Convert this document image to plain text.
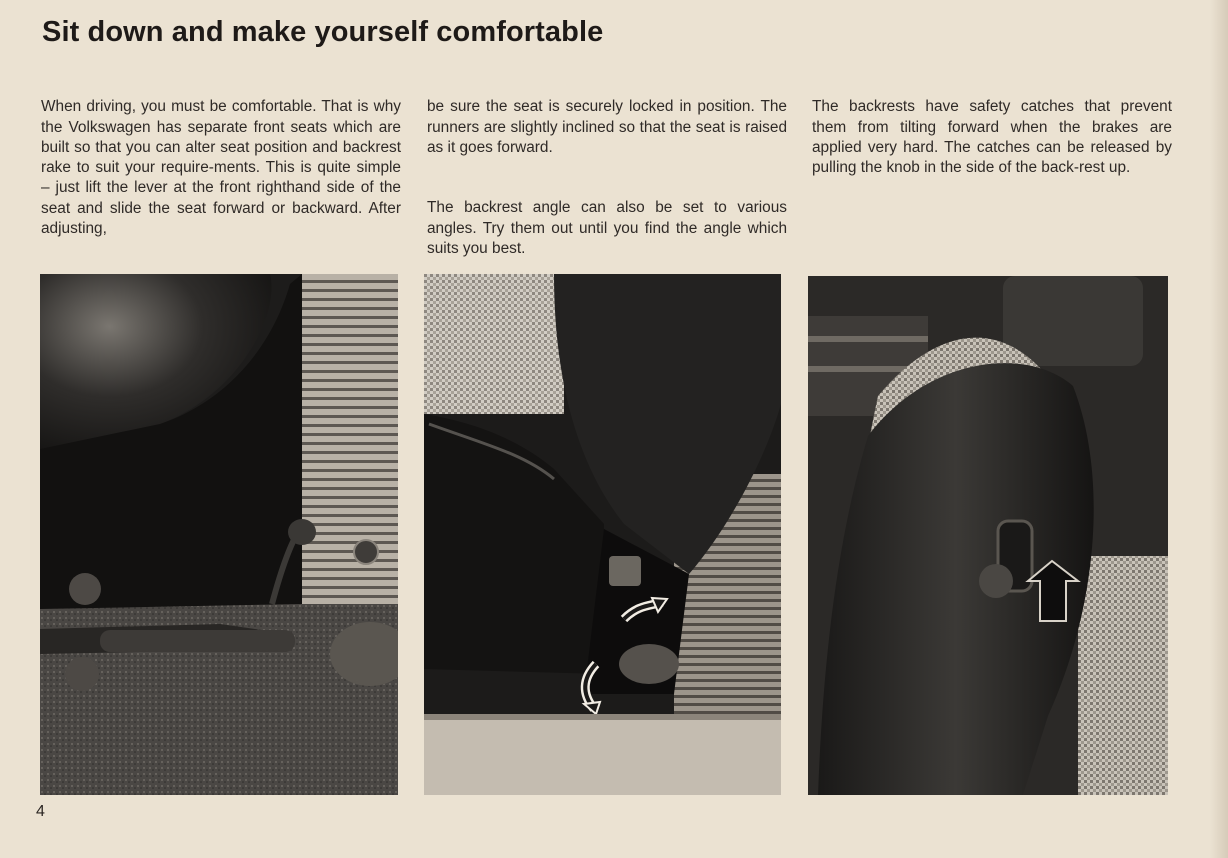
Sit down and make yourself comfortable

When driving, you must be comfortable. That is why the Volkswagen has separate front seats which are built so that you can alter seat position and backrest rake to suit your require-ments. This is quite simple – just lift the lever at the front righthand side of the seat and slide the seat forward or backward. After adjusting,

be sure the seat is securely locked in position. The runners are slightly inclined so that the seat is raised as it goes forward.

The backrest angle can also be set to various angles. Try them out until you find the angle which suits you best.

The backrests have safety catches that prevent them from tilting forward when the brakes are applied very hard. The catches can be released by pulling the knob in the side of the back-rest up.

4
